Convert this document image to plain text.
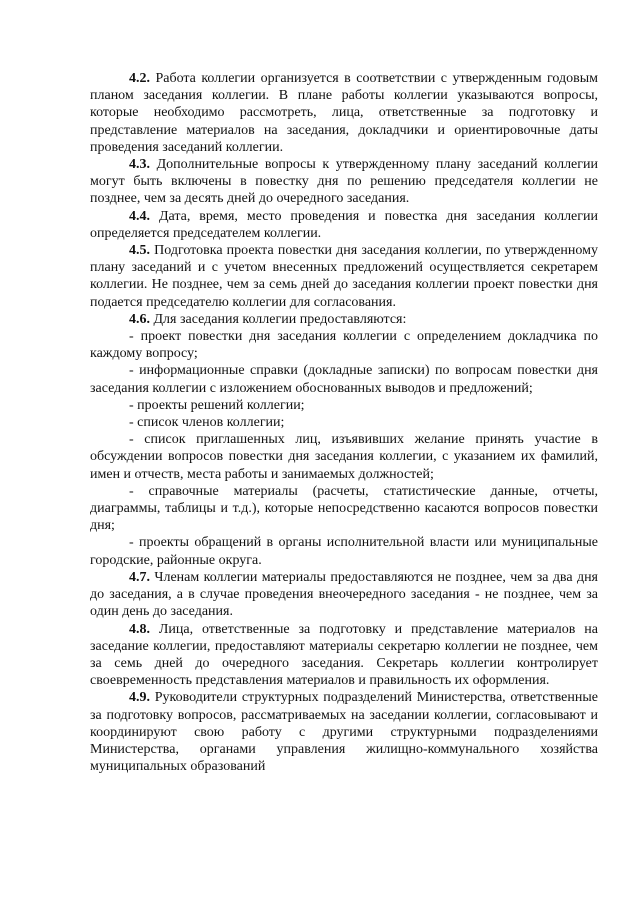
4.2. Работа коллегии организуется в соответствии с утвержденным годовым планом заседания коллегии. В плане работы коллегии указываются вопросы, которые необходимо рассмотреть, лица, ответственные за подготовку и представление материалов на заседания, докладчики и ориентировочные даты проведения заседаний коллегии.

4.3. Дополнительные вопросы к утвержденному плану заседаний коллегии могут быть включены в повестку дня по решению председателя коллегии не позднее, чем за десять дней до очередного заседания.

4.4. Дата, время, место проведения и повестка дня заседания коллегии определяется председателем коллегии.

4.5. Подготовка проекта повестки дня заседания коллегии, по утвержденному плану заседаний и с учетом внесенных предложений осуществляется секретарем коллегии. Не позднее, чем за семь дней до заседания коллегии проект повестки дня подается председателю коллегии для согласования.

4.6. Для заседания коллегии предоставляются:

- проект повестки дня заседания коллегии с определением докладчика по каждому вопросу;

- информационные справки (докладные записки) по вопросам повестки дня заседания коллегии с изложением обоснованных выводов и предложений;

- проекты решений коллегии;

- список членов коллегии;

- список приглашенных лиц, изъявивших желание принять участие в обсуждении вопросов повестки дня заседания коллегии, с указанием их фамилий, имен и отчеств, места работы и занимаемых должностей;

- справочные материалы (расчеты, статистические данные, отчеты, диаграммы, таблицы и т.д.), которые непосредственно касаются вопросов повестки дня;

- проекты обращений в органы исполнительной власти или муниципальные городские, районные округа.

4.7. Членам коллегии материалы предоставляются не позднее, чем за два дня до заседания, а в случае проведения внеочередного заседания - не позднее, чем за один день до заседания.

4.8. Лица, ответственные за подготовку и представление материалов на заседание коллегии, предоставляют материалы секретарю коллегии не позднее, чем за семь дней до очередного заседания. Секретарь коллегии контролирует своевременность представления материалов и правильность их оформления.

4.9. Руководители структурных подразделений Министерства, ответственные за подготовку вопросов, рассматриваемых на заседании коллегии, согласовывают и координируют свою работу с другими структурными подразделениями Министерства, органами управления жилищно-коммунального хозяйства муниципальных образований
